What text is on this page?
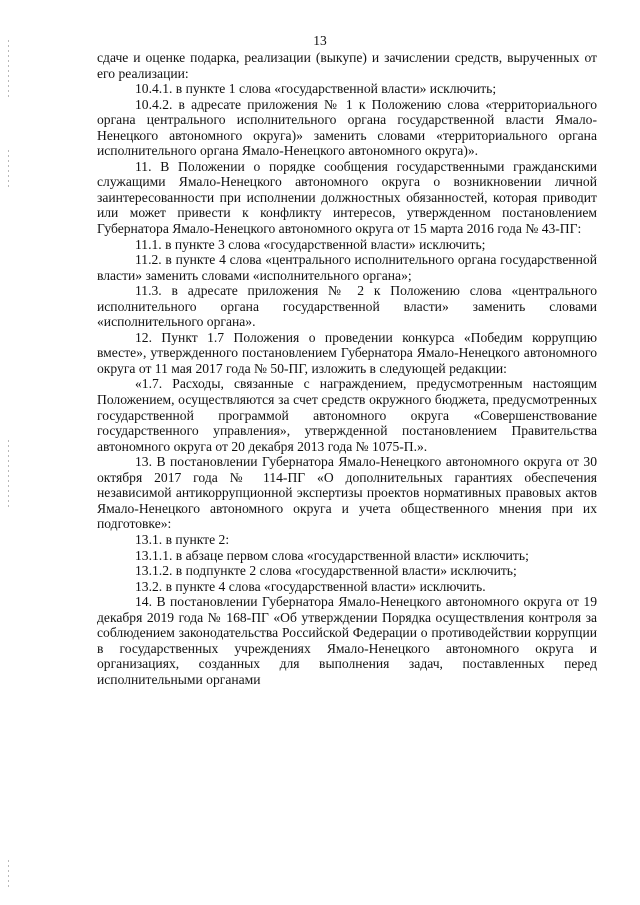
13

сдаче и оценке подарка, реализации (выкупе) и зачислении средств, вырученных от его реализации:

10.4.1. в пункте 1 слова «государственной власти» исключить;

10.4.2. в адресате приложения № 1 к Положению слова «территориального органа центрального исполнительного органа государственной власти Ямало-Ненецкого автономного округа)» заменить словами «территориального органа исполнительного органа Ямало-Ненецкого автономного округа)».

11. В Положении о порядке сообщения государственными гражданскими служащими Ямало-Ненецкого автономного округа о возникновении личной заинтересованности при исполнении должностных обязанностей, которая приводит или может привести к конфликту интересов, утвержденном постановлением Губернатора Ямало-Ненецкого автономного округа от 15 марта 2016 года № 43-ПГ:

11.1. в пункте 3 слова «государственной власти» исключить;

11.2. в пункте 4 слова «центрального исполнительного органа государственной власти» заменить словами «исполнительного органа»;

11.3. в адресате приложения № 2 к Положению слова «центрального исполнительного органа государственной власти» заменить словами «исполнительного органа».

12. Пункт 1.7 Положения о проведении конкурса «Победим коррупцию вместе», утвержденного постановлением Губернатора Ямало-Ненецкого автономного округа от 11 мая 2017 года № 50-ПГ, изложить в следующей редакции:

«1.7. Расходы, связанные с награждением, предусмотренным настоящим Положением, осуществляются за счет средств окружного бюджета, предусмотренных государственной программой автономного округа «Совершенствование государственного управления», утвержденной постановлением Правительства автономного округа от 20 декабря 2013 года № 1075-П.».

13. В постановлении Губернатора Ямало-Ненецкого автономного округа от 30 октября 2017 года № 114-ПГ «О дополнительных гарантиях обеспечения независимой антикоррупционной экспертизы проектов нормативных правовых актов Ямало-Ненецкого автономного округа и учета общественного мнения при их подготовке»:

13.1. в пункте 2:

13.1.1. в абзаце первом слова «государственной власти» исключить;

13.1.2. в подпункте 2 слова «государственной власти» исключить;

13.2. в пункте 4 слова «государственной власти» исключить.

14. В постановлении Губернатора Ямало-Ненецкого автономного округа от 19 декабря 2019 года № 168-ПГ «Об утверждении Порядка осуществления контроля за соблюдением законодательства Российской Федерации о противодействии коррупции в государственных учреждениях Ямало-Ненецкого автономного округа и организациях, созданных для выполнения задач, поставленных перед исполнительными органами
